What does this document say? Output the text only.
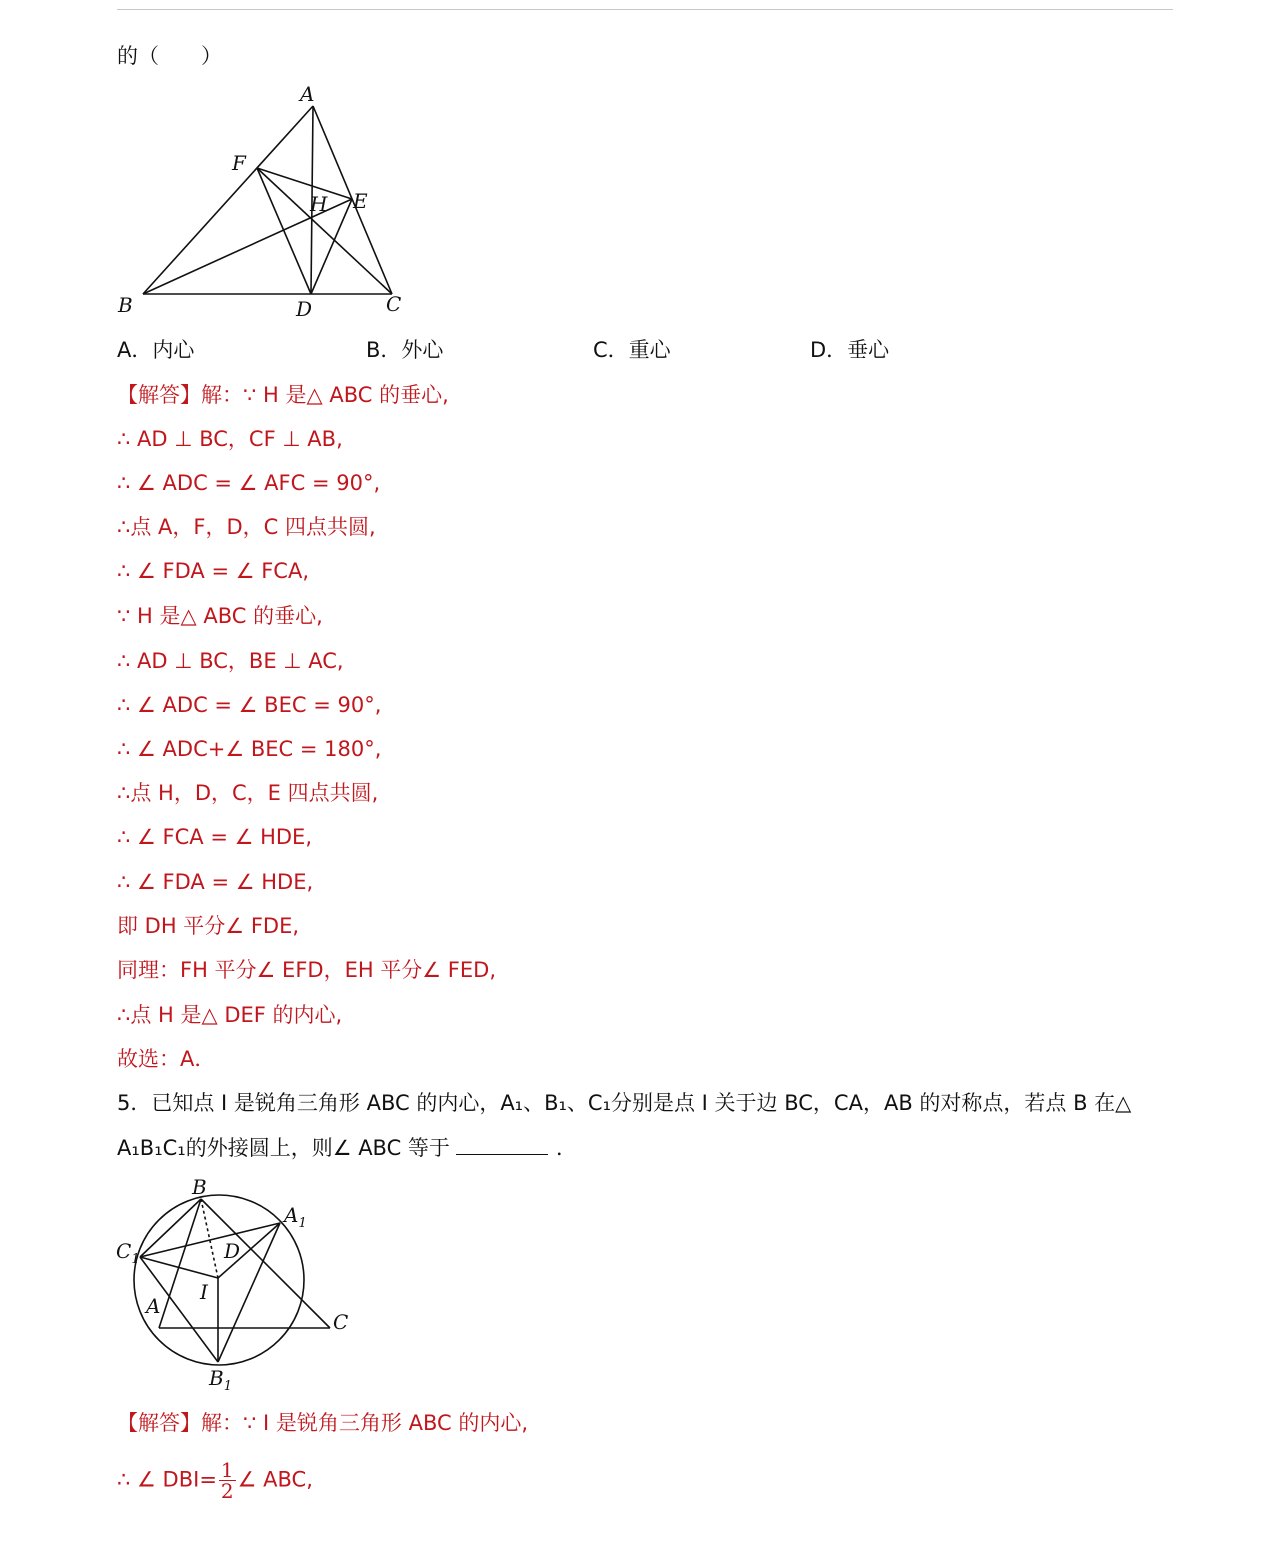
的（　　）
A
F
H E
B	D	C
A．内心	B．外心	C．重心	D．垂心
【解答】解：∵ H 是△ ABC 的垂心,
∴ AD ⊥ BC，CF ⊥ AB,
∴ ∠ ADC = ∠ AFC = 90°,
∴点 A，F，D，C 四点共圆,
∴ ∠ FDA = ∠ FCA,
∵ H 是△ ABC 的垂心,
∴ AD ⊥ BC，BE ⊥ AC,
∴ ∠ ADC = ∠ BEC = 90°,
∴ ∠ ADC+∠ BEC = 180°,
∴点 H，D，C，E 四点共圆,
∴ ∠ FCA = ∠ HDE,
∴ ∠ FDA = ∠ HDE,
即 DH 平分∠ FDE,
同理：FH 平分∠ EFD，EH 平分∠ FED,
∴点 H 是△ DEF 的内心,
故选：A．
5．已知点 I 是锐角三角形 ABC 的内心，A₁、B₁、C₁分别是点 I 关于边 BC，CA，AB 的对称点，若点 B 在△
A₁B₁C₁的外接圆上，则∠ ABC 等于	．
B
$A_1$
$C_1$	D
I
A
C
$B_1$
【解答】解：∵ I 是锐角三角形 ABC 的内心,
∴ ∠ $DBI= \frac{1}{2}$ ∠ ABC,
